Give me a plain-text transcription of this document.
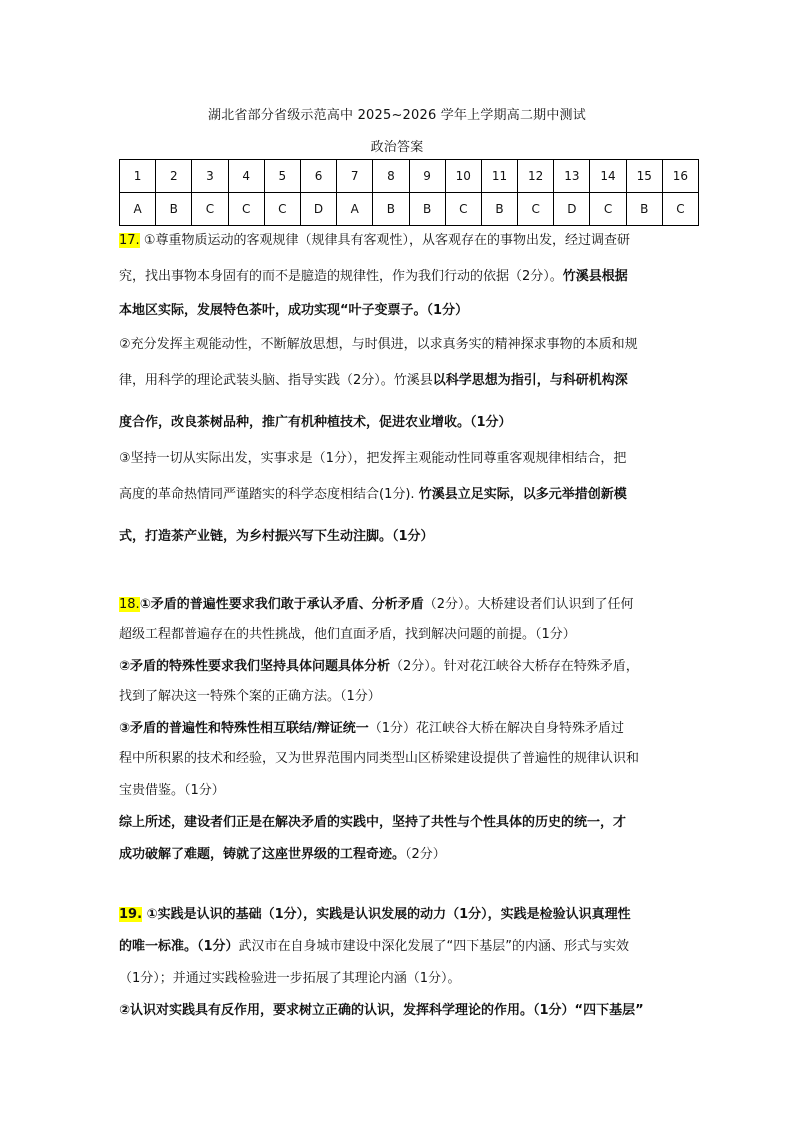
湖北省部分省级示范高中 2025~2026 学年上学期高二期中测试
政治答案
1	2	3	4	5	6	7	8	9	10	11	12	13	14	15	16
A	B	C	C	C	D	A	B	B	C	B	C	D	C	B	C
17. ①尊重物质运动的客观规律（规律具有客观性），从客观存在的事物出发，经过调查研
究，找出事物本身固有的而不是臆造的规律性，作为我们行动的依据（2分）。竹溪县根据
本地区实际，发展特色茶叶，成功实现“叶子变票子。（1分）
②充分发挥主观能动性，不断解放思想，与时俱进，以求真务实的精神探求事物的本质和规
律，用科学的理论武装头脑、指导实践（2分）。竹溪县以科学思想为指引，与科研机构深
度合作，改良茶树品种，推广有机种植技术，促进农业增收。（1分）
③坚持一切从实际出发，实事求是（1分），把发挥主观能动性同尊重客观规律相结合，把
高度的革命热情同严谨踏实的科学态度相结合(1分). 竹溪县立足实际，以多元举措创新模
式，打造茶产业链，为乡村振兴写下生动注脚。（1分）
18.①矛盾的普遍性要求我们敢于承认矛盾、分析矛盾（2分）。大桥建设者们认识到了任何
超级工程都普遍存在的共性挑战，他们直面矛盾，找到解决问题的前提。（1分）
②矛盾的特殊性要求我们坚持具体问题具体分析（2分）。针对花江峡谷大桥存在特殊矛盾，
找到了解决这一特殊个案的正确方法。（1分）
③矛盾的普遍性和特殊性相互联结/辩证统一（1分）花江峡谷大桥在解决自身特殊矛盾过
程中所积累的技术和经验，又为世界范围内同类型山区桥梁建设提供了普遍性的规律认识和
宝贵借鉴。（1分）
综上所述，建设者们正是在解决矛盾的实践中，坚持了共性与个性具体的历史的统一，才
成功破解了难题，铸就了这座世界级的工程奇迹。（2分）
19. ①实践是认识的基础（1分），实践是认识发展的动力（1分），实践是检验认识真理性
的唯一标准。（1分）武汉市在自身城市建设中深化发展了“四下基层”的内涵、形式与实效
（1分）；并通过实践检验进一步拓展了其理论内涵（1分）。
②认识对实践具有反作用，要求树立正确的认识，发挥科学理论的作用。（1分）“四下基层”
